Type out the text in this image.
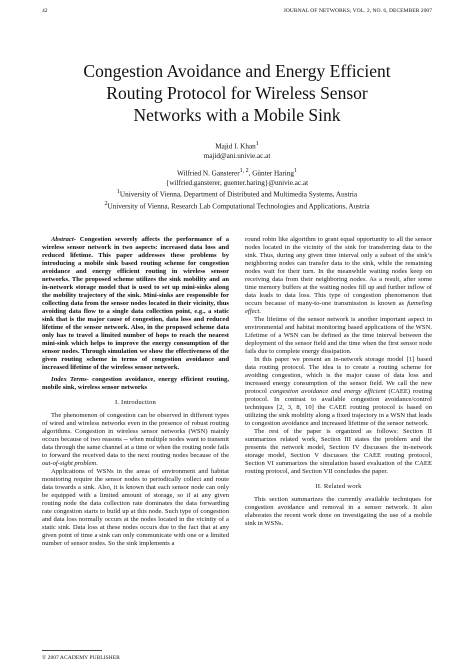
42	JOURNAL OF NETWORKS, VOL. 2, NO. 6, DECEMBER 2007
Congestion Avoidance and Energy Efficient
Routing Protocol for Wireless Sensor
Networks with a Mobile Sink
Majid I. Khan$^1$
majid@ani.univie.ac.at
Wilfried N. Gansterer$^{1, 2}$, Günter Haring$^1$
{wilfried.gansterer, guenter.haring}@univie.ac.at
$^1$University of Vienna, Department of Distributed and Multimedia Systems, Austria
$^2$University of Vienna, Research Lab Computational Technologies and Applications, Austria

Abstract- Congestion severely affects the performance of a wireless sensor network in two aspects: increased data loss and reduced lifetime. This paper addresses these problems by introducing a mobile sink based routing scheme for congestion avoidance and energy efficient routing in wireless sensor networks. The proposed scheme utilizes the sink mobility and an in-network storage model that is used to set up mini-sinks along the mobility trajectory of the sink. Mini-sinks are responsible for collecting data from the sensor nodes located in their vicinity, thus avoiding data flow to a single data collection point, e.g., a static sink that is the major cause of congestion, data loss and reduced lifetime of the sensor network. Also, in the proposed scheme data only has to travel a limited number of hops to reach the nearest mini-sink which helps to improve the energy consumption of the sensor nodes. Through simulation we show the effectiveness of the given routing scheme in terms of congestion avoidance and increased lifetime of the wireless sensor network.

Index Terms- congestion avoidance, energy efficient routing, mobile sink, wireless sensor networks

I. Introduction

The phenomenon of congestion can be observed in different types of wired and wireless networks even in the presence of robust routing algorithms. Congestion in wireless sensor networks (WSN) mainly occurs because of two reasons -- when multiple nodes want to transmit data through the same channel at a time or when the routing node fails to forward the received data to the next routing nodes because of the out-of-sight problem.

Applications of WSNs in the areas of environment and habitat monitoring require the sensor nodes to periodically collect and route data towards a sink. Also, it is known that each sensor node can only be equipped with a limited amount of storage, so if at any given routing node the data collection rate dominates the data forwarding rate congestion starts to build up at this node. Such type of congestion and data loss normally occurs at the nodes located in the vicinity of a static sink. Data loss at these nodes occurs due to the fact that at any given point of time a sink can only communicate with one or a limited number of sensor nodes. So the sink implements a

round robin like algorithm to grant equal opportunity to all the sensor nodes located in the vicinity of the sink for transferring data to the sink. Thus, during any given time interval only a subset of the sink’s neighboring nodes can transfer data to the sink, while the remaining nodes wait for their turn. In the meanwhile waiting nodes keep on receiving data from their neighboring nodes. As a result, after some time memory buffers at the waiting nodes fill up and further inflow of data leads to data loss. This type of congestion phenomenon that occurs because of many-to-one transmission is known as funneling effect.

The lifetime of the sensor network is another important aspect in environmental and habitat monitoring based applications of the WSN. Lifetime of a WSN can be defined as the time interval between the deployment of the sensor field and the time when the first sensor node fails due to complete energy dissipation.

In this paper we present an in-network storage model [1] based data routing protocol. The idea is to create a routing scheme for avoiding congestion, which is the major cause of data loss and increased energy consumption of the sensor field. We call the new protocol congestion avoidance and energy efficient (CAEE) routing protocol. In contrast to available congestion avoidance/control techniques [2, 3, 8, 10] the CAEE routing protocol is based on utilizing the sink mobility along a fixed trajectory in a WSN that leads to congestion avoidance and increased lifetime of the sensor network.

The rest of the paper is organized as follows: Section II summarizes related work, Section III states the problem and the presents the network model, Section IV discusses the in-network storage model, Section V discusses the CAEE routing protocol, Section VI summarizes the simulation based evaluation of the CAEE routing protocol, and Section VII concludes the paper.

II. Related work

This section summarizes the currently available techniques for congestion avoidance and removal in a sensor network. It also elaborates the recent work done on investigating the use of a mobile sink in WSNs.

© 2007 ACADEMY PUBLISHER
